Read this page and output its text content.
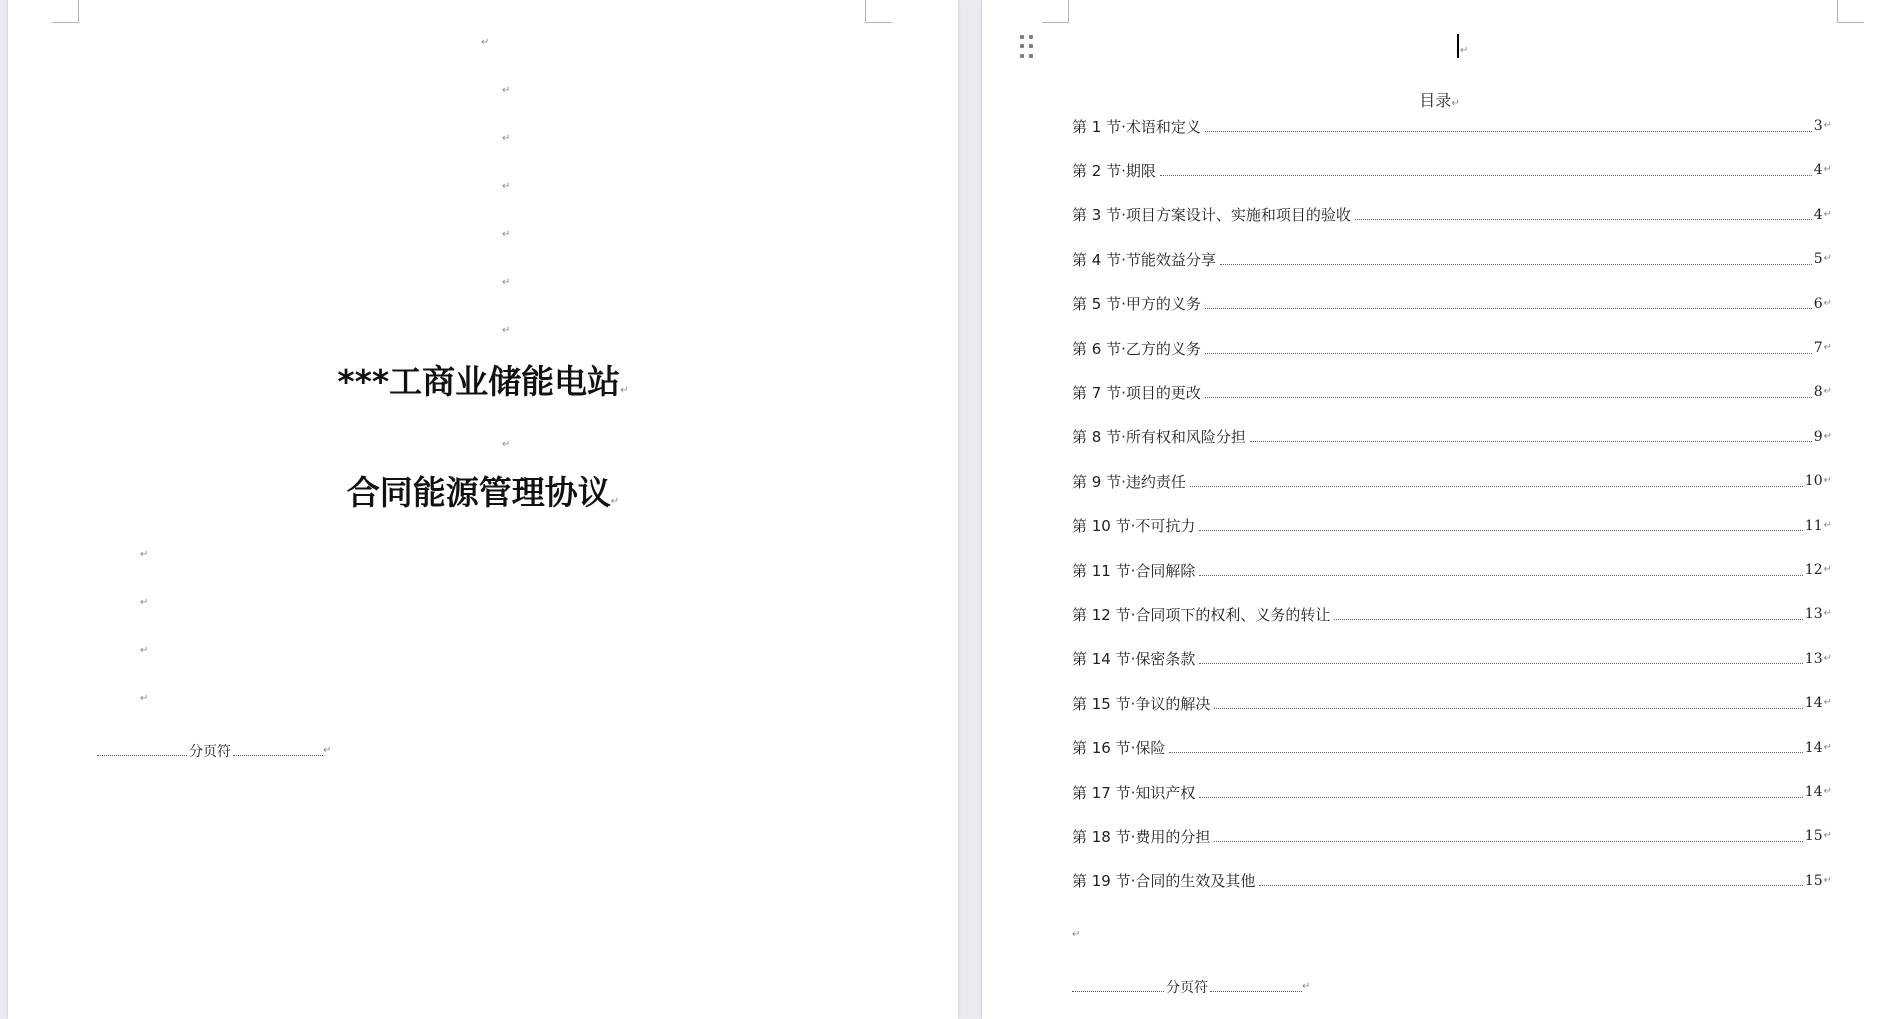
↵
↵
↵
↵
↵
↵
↵
***工商业储能电站↵
↵
合同能源管理协议↵
↵
↵
↵
↵
分页符	↵
↵
目录↵
第 1 节·术语和定义	3 ↵
第 2 节·期限	4 ↵
第 3 节·项目方案设计、实施和项目的验收	4 ↵
第 4 节·节能效益分享	5 ↵
第 5 节·甲方的义务	6 ↵
第 6 节·乙方的义务	7 ↵
第 7 节·项目的更改	8 ↵
第 8 节·所有权和风险分担	9 ↵
第 9 节·违约责任	10 ↵
第 10 节·不可抗力	11 ↵
第 11 节·合同解除	12 ↵
第 12 节·合同项下的权利、义务的转让	13 ↵
第 14 节·保密条款	13 ↵
第 15 节·争议的解决	14 ↵
第 16 节·保险	14 ↵
第 17 节·知识产权	14 ↵
第 18 节·费用的分担	15 ↵
第 19 节·合同的生效及其他	15 ↵
↵
分页符	↵
